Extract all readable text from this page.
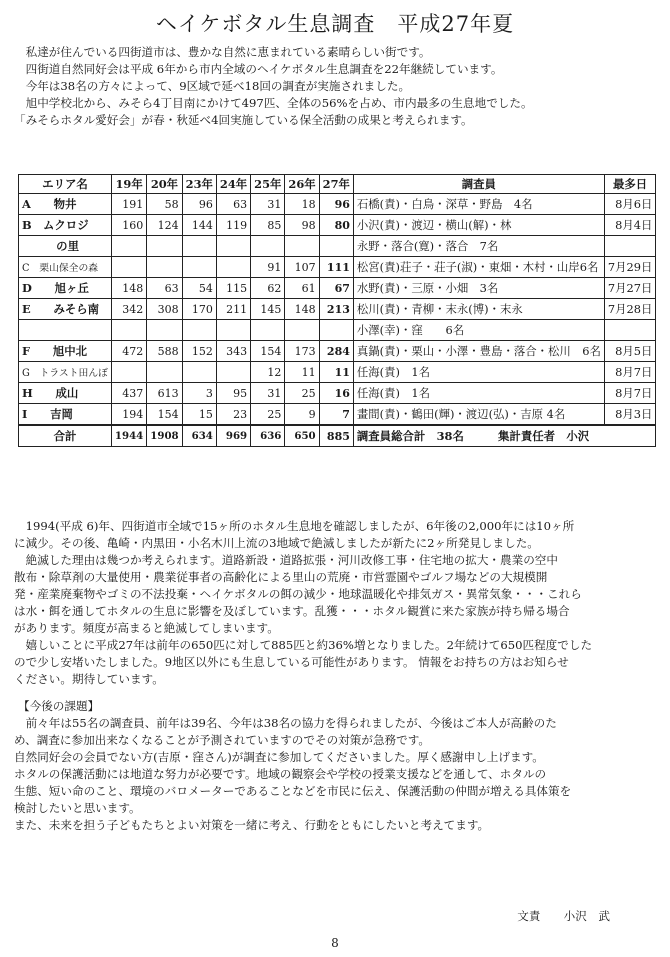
ヘイケボタル生息調査　平成27年夏
　私達が住んでいる四街道市は、豊かな自然に恵まれている素晴らしい街です。
　四街道自然同好会は平成 6年から市内全域のヘイケボタル生息調査を22年継続しています。
　今年は38名の方々によって、9区域で延べ18回の調査が実施されました。
　旭中学校北から、みそら4丁目南にかけて497匹、全体の56%を占め、市内最多の生息地でした。
「みそらホタル愛好会」が春・秋延べ4回実施している保全活動の成果と考えられます。
エリア名	19年	20年	23年	24年	25年	26年	27年	調査員	最多日
A　　物井	191	58	96	63	31	18	96	石橋(責)・白鳥・深草・野島　4名	8月6日
B　ムクロジ	160	124	144	119	85	98	80	小沢(責)・渡辺・横山(解)・林	8月4日
　　　の里								永野・落合(寛)・落合　7名	
C　栗山保全の森					91	107	111	松宮(責)荘子・荘子(淑)・東畑・木村・山岸6名	7月29日
D　　旭ヶ丘	148	63	54	115	62	61	67	水野(責)・三原・小畑　3名	7月27日
E　　みそら南	342	308	170	211	145	148	213	松川(責)・青柳・末永(博)・末永	7月28日
								小澤(幸)・窪　　6名	
F　　旭中北	472	588	152	343	154	173	284	真鍋(責)・栗山・小澤・豊島・落合・松川　6名	8月5日
G　トラスト田んぼ					12	11	11	任海(責)　1名	8月7日
H　　成山	437	613	3	95	31	25	16	任海(責)　1名	8月7日
I　　吉岡	194	154	15	23	25	9	7	畫間(責)・鶴田(輝)・渡辺(弘)・吉原 4名	8月3日
合計	1944	1908	634	969	636	650	885	調査員総合計　38名　　　集計責任者　小沢	
　1994(平成 6)年、四街道市全域で15ヶ所のホタル生息地を確認しましたが、6年後の2,000年には10ヶ所
に減少。その後、亀崎・内黒田・小名木川上流の3地域で絶滅しましたが新たに2ヶ所発見しました。
　絶滅した理由は幾つか考えられます。道路新設・道路拡張・河川改修工事・住宅地の拡大・農業の空中
散布・除草剤の大量使用・農業従事者の高齢化による里山の荒廃・市営霊園やゴルフ場などの大規模開
発・産業廃棄物やゴミの不法投棄・ヘイケボタルの餌の減少・地球温暖化や排気ガス・異常気象・・・これら
は水・餌を通してホタルの生息に影響を及ぼしています。乱獲・・・ホタル観賞に来た家族が持ち帰る場合
があります。頻度が高まると絶滅してしまいます。
　嬉しいことに平成27年は前年の650匹に対して885匹と約36%増となりました。2年続けて650匹程度でした
ので少し安堵いたしました。9地区以外にも生息している可能性があります。 情報をお持ちの方はお知らせ
ください。期待しています。
【今後の課題】
　前々年は55名の調査員、前年は39名、今年は38名の協力を得られましたが、今後はご本人が高齢のた
め、調査に参加出来なくなることが予測されていますのでその対策が急務です。
自然同好会の会員でない方(吉原・窪さん)が調査に参加してくださいました。厚く感謝申し上げます。
ホタルの保護活動には地道な努力が必要です。地域の観察会や学校の授業支援などを通して、ホタルの
生態、短い命のこと、環境のバロメーターであることなどを市民に伝え、保護活動の仲間が増える具体策を
検討したいと思います。
また、未来を担う子どもたちとよい対策を一緒に考え、行動をともにしたいと考えてます。
文責　　小沢　武
8
